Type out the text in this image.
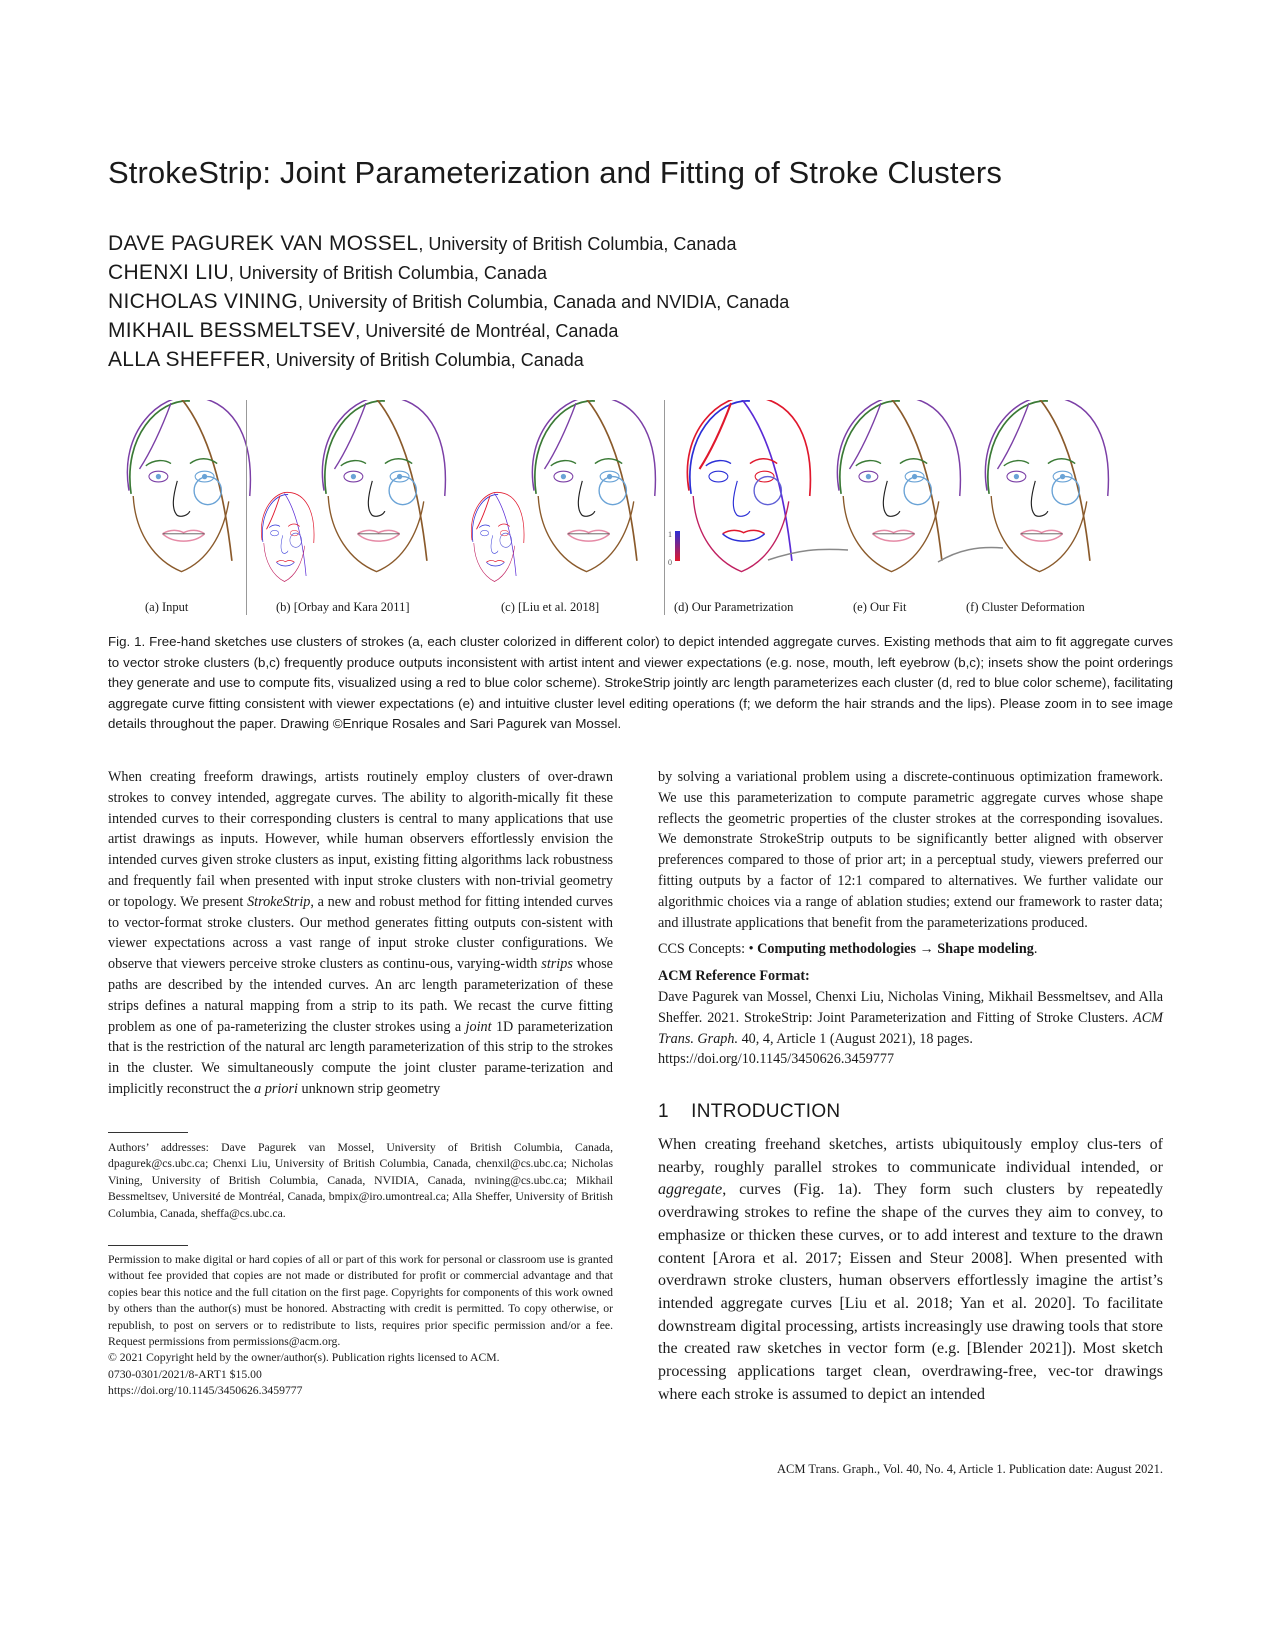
StrokeStrip: Joint Parameterization and Fitting of Stroke Clusters
DAVE PAGUREK VAN MOSSEL, University of British Columbia, Canada
CHENXI LIU, University of British Columbia, Canada
NICHOLAS VINING, University of British Columbia, Canada and NVIDIA, Canada
MIKHAIL BESSMELTSEV, Université de Montréal, Canada
ALLA SHEFFER, University of British Columbia, Canada
1
0
(a) Input	(b) [Orbay and Kara 2011]	(c) [Liu et al. 2018]	(d) Our Parametrization	(e) Our Fit	(f) Cluster Deformation
Fig. 1. Free-hand sketches use clusters of strokes (a, each cluster colorized in different color) to depict intended aggregate curves. Existing methods that aim to fit aggregate curves to vector stroke clusters (b,c) frequently produce outputs inconsistent with artist intent and viewer expectations (e.g. nose, mouth, left eyebrow (b,c); insets show the point orderings they generate and use to compute fits, visualized using a red to blue color scheme). StrokeStrip jointly arc length parameterizes each cluster (d, red to blue color scheme), facilitating aggregate curve fitting consistent with viewer expectations (e) and intuitive cluster level editing operations (f; we deform the hair strands and the lips). Please zoom in to see image details throughout the paper. Drawing ©Enrique Rosales and Sari Pagurek van Mossel.
When creating freeform drawings, artists routinely employ clusters of over-drawn strokes to convey intended, aggregate curves. The ability to algorith-mically fit these intended curves to their corresponding clusters is central to many applications that use artist drawings as inputs. However, while human observers effortlessly envision the intended curves given stroke clusters as input, existing fitting algorithms lack robustness and frequently fail when presented with input stroke clusters with non-trivial geometry or topology. We present StrokeStrip, a new and robust method for fitting intended curves to vector-format stroke clusters. Our method generates fitting outputs con-sistent with viewer expectations across a vast range of input stroke cluster configurations. We observe that viewers perceive stroke clusters as continu-ous, varying-width strips whose paths are described by the intended curves. An arc length parameterization of these strips defines a natural mapping from a strip to its path. We recast the curve fitting problem as one of pa-rameterizing the cluster strokes using a joint 1D parameterization that is the restriction of the natural arc length parameterization of this strip to the strokes in the cluster. We simultaneously compute the joint cluster parame-terization and implicitly reconstruct the a priori unknown strip geometry
Authors’ addresses: Dave Pagurek van Mossel, University of British Columbia, Canada, dpagurek@cs.ubc.ca; Chenxi Liu, University of British Columbia, Canada, chenxil@cs.ubc.ca; Nicholas Vining, University of British Columbia, Canada, NVIDIA, Canada, nvining@cs.ubc.ca; Mikhail Bessmeltsev, Université de Montréal, Canada, bmpix@iro.umontreal.ca; Alla Sheffer, University of British Columbia, Canada, sheffa@cs.ubc.ca.
Permission to make digital or hard copies of all or part of this work for personal or classroom use is granted without fee provided that copies are not made or distributed for profit or commercial advantage and that copies bear this notice and the full citation on the first page. Copyrights for components of this work owned by others than the author(s) must be honored. Abstracting with credit is permitted. To copy otherwise, or republish, to post on servers or to redistribute to lists, requires prior specific permission and/or a fee. Request permissions from permissions@acm.org.
© 2021 Copyright held by the owner/author(s). Publication rights licensed to ACM.
0730-0301/2021/8-ART1 $15.00
https://doi.org/10.1145/3450626.3459777
by solving a variational problem using a discrete-continuous optimization framework. We use this parameterization to compute parametric aggregate curves whose shape reflects the geometric properties of the cluster strokes at the corresponding isovalues. We demonstrate StrokeStrip outputs to be significantly better aligned with observer preferences compared to those of prior art; in a perceptual study, viewers preferred our fitting outputs by a factor of 12:1 compared to alternatives. We further validate our algorithmic choices via a range of ablation studies; extend our framework to raster data; and illustrate applications that benefit from the parameterizations produced.
CCS Concepts: • Computing methodologies → Shape modeling.
ACM Reference Format:
Dave Pagurek van Mossel, Chenxi Liu, Nicholas Vining, Mikhail Bessmeltsev, and Alla Sheffer. 2021. StrokeStrip: Joint Parameterization and Fitting of Stroke Clusters. ACM Trans. Graph. 40, 4, Article 1 (August 2021), 18 pages.
https://doi.org/10.1145/3450626.3459777
1    INTRODUCTION
When creating freehand sketches, artists ubiquitously employ clus-ters of nearby, roughly parallel strokes to communicate individual intended, or aggregate, curves (Fig. 1a). They form such clusters by repeatedly overdrawing strokes to refine the shape of the curves they aim to convey, to emphasize or thicken these curves, or to add interest and texture to the drawn content [Arora et al. 2017; Eissen and Steur 2008]. When presented with overdrawn stroke clusters, human observers effortlessly imagine the artist’s intended aggregate curves [Liu et al. 2018; Yan et al. 2020]. To facilitate downstream digital processing, artists increasingly use drawing tools that store the created raw sketches in vector form (e.g. [Blender 2021]). Most sketch processing applications target clean, overdrawing-free, vec-tor drawings where each stroke is assumed to depict an intended
ACM Trans. Graph., Vol. 40, No. 4, Article 1. Publication date: August 2021.
